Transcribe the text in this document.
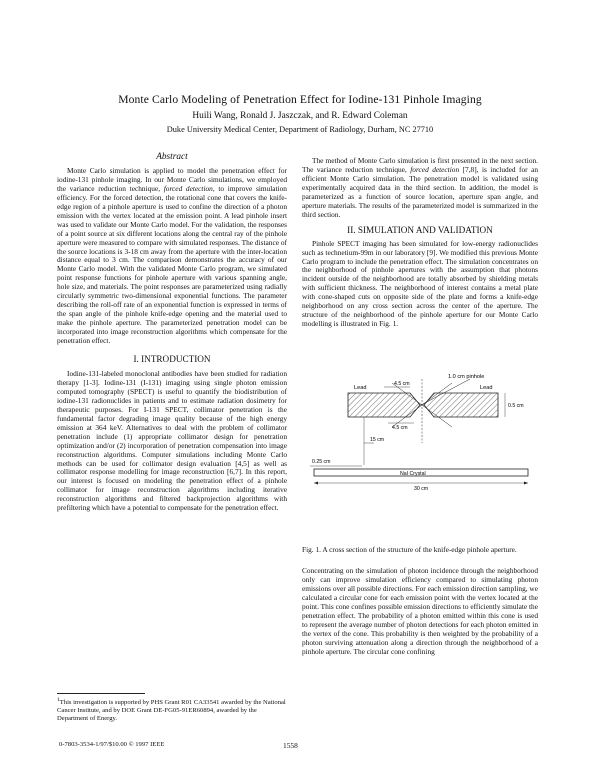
Monte Carlo Modeling of Penetration Effect for Iodine-131 Pinhole Imaging
Huili Wang, Ronald J. Jaszczak, and R. Edward Coleman
Duke University Medical Center, Department of Radiology, Durham, NC 27710
Abstract

Monte Carlo simulation is applied to model the penetration effect for iodine-131 pinhole imaging. In our Monte Carlo simulations, we employed the variance reduction technique, forced detection, to improve simulation efficiency. For the forced detection, the rotational cone that covers the knife-edge region of a pinhole aperture is used to confine the direction of a photon emission with the vertex located at the emission point. A lead pinhole insert was used to validate our Monte Carlo model. For the validation, the responses of a point source at six different locations along the central ray of the pinhole aperture were measured to compare with simulated responses. The distance of the source locations is 3-18 cm away from the aperture with the inter-location distance equal to 3 cm. The comparison demonstrates the accuracy of our Monte Carlo model. With the validated Monte Carlo program, we simulated point response functions for pinhole aperture with various spanning angle, hole size, and materials. The point responses are parameterized using radially circularly symmetric two-dimensional exponential functions. The parameter describing the roll-off rate of an exponential function is expressed in terms of the span angle of the pinhole knife-edge opening and the material used to make the pinhole aperture. The parameterized penetration model can be incorporated into image reconstruction algorithms which compensate for the penetration effect.

I. INTRODUCTION

Iodine-131-labeled monoclonal antibodies have been studied for radiation therapy [1-3]. Iodine-131 (I-131) imaging using single photon emission computed tomography (SPECT) is useful to quantify the biodistribution of iodine-131 radionuclides in patients and to estimate radiation dosimetry for therapeutic purposes. For I-131 SPECT, collimator penetration is the fundamental factor degrading image quality because of the high energy emission at 364 keV. Alternatives to deal with the problem of collimator penetration include (1) appropriate collimator design for penetration optimization and/or (2) incorporation of penetration compensation into image reconstruction algorithms. Computer simulations including Monte Carlo methods can be used for collimator design evaluation [4,5] as well as collimator response modelling for image reconstruction [6,7]. In this report, our interest is focused on modeling the penetration effect of a pinhole collimator for image reconstruction algorithms including iterative reconstruction algorithms and filtered backprojection algorithms with prefiltering which have a potential to compensate for the penetration effect.

$^1$This investigation is supported by PHS Grant R01 CA33541 awarded by the National Cancer Institute, and by DOE Grant DE-FG05-91ER60894, awarded by the Department of Energy.

The method of Monte Carlo simulation is first presented in the next section. The variance reduction technique, forced detection [7,8], is included for an efficient Monte Carlo simulation. The penetration model is validated using experimentally acquired data in the third section. In addition, the model is parameterized as a function of source location, aperture span angle, and aperture materials. The results of the parameterized model is summarized in the third section.

II. SIMULATION AND VALIDATION

Pinhole SPECT imaging has been simulated for low-energy radionuclides such as technetium-99m in our laboratory [9]. We modified this previous Monte Carlo program to include the penetration effect. The simulation concentrates on the neighborhood of pinhole apertures with the assumption that photons incident outside of the neighborhood are totally absorbed by shielding metals with sufficient thickness. The neighborhood of interest contains a metal plate with cone-shaped cuts on opposite side of the plate and forms a knife-edge neighborhood on any cross section across the center of the aperture. The structure of the neighborhood of the pinhole aperture for our Monte Carlo modelling is illustrated in Fig. 1.

1.0 cm pinhole
Lead	Lead
4.5 cm
0.5 cm
4.5 cm
15 cm
0.25 cm
NaI Crystal
30 cm
Fig. 1. A cross section of the structure of the knife-edge pinhole aperture.

Concentrating on the simulation of photon incidence through the neighborhood only can improve simulation efficiency compared to simulating photon emissions over all possible directions. For each emission direction sampling, we calculated a circular cone for each emission point with the vertex located at the point. This cone confines possible emission directions to efficiently simulate the penetration effect. The probability of a photon emitted within this cone is used to represent the average number of photon detections for each photon emitted in the vertex of the cone. This probability is then weighted by the probability of a photon surviving attenuation along a direction through the neighborhood of a pinhole aperture. The circular cone confining

0-7803-3534-1/97/$10.00 © 1997 IEEE	1558
